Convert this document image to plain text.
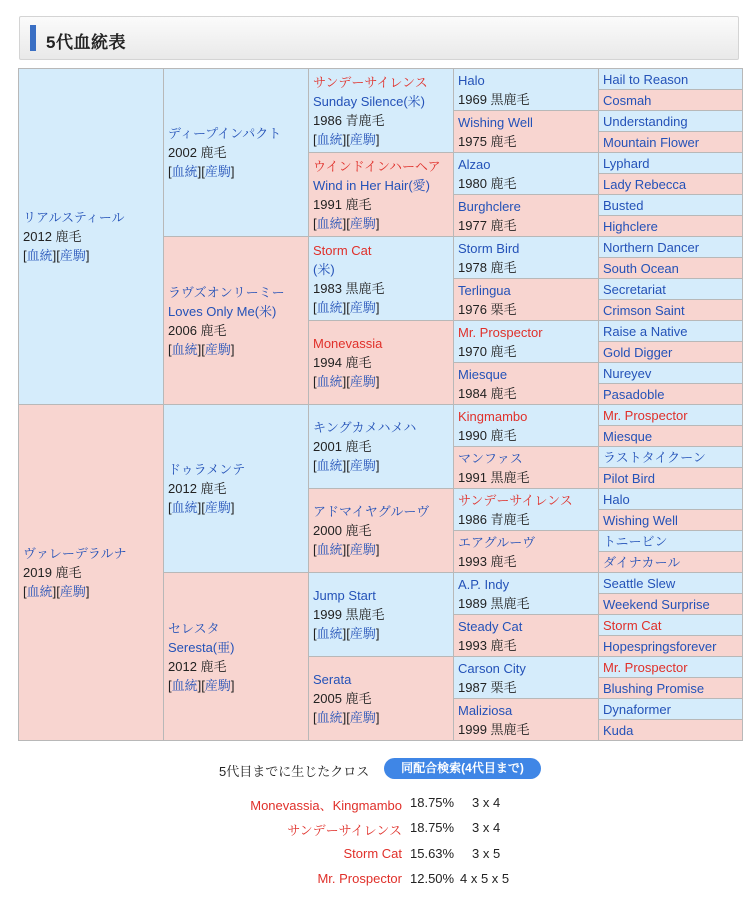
5代血統表
リアルスティール
2012 鹿毛
[血統][産駒]	ディープインパクト
2002 鹿毛
[血統][産駒]	サンデーサイレンス
Sunday Silence(米)
1986 青鹿毛
[血統][産駒]	Halo
1969 黒鹿毛	Hail to Reason
				Cosmah
			Wishing Well
1975 鹿毛	Understanding
				Mountain Flower
		ウインドインハーヘア
Wind in Her Hair(愛)
1991 鹿毛
[血統][産駒]	Alzao
1980 鹿毛	Lyphard
				Lady Rebecca
			Burghclere
1977 鹿毛	Busted
				Highclere
	ラヴズオンリーミー
Loves Only Me(米)
2006 鹿毛
[血統][産駒]	Storm Cat
(米)
1983 黒鹿毛
[血統][産駒]	Storm Bird
1978 鹿毛	Northern Dancer
				South Ocean
			Terlingua
1976 栗毛	Secretariat
				Crimson Saint
		Monevassia
1994 鹿毛
[血統][産駒]	Mr. Prospector
1970 鹿毛	Raise a Native
				Gold Digger
			Miesque
1984 鹿毛	Nureyev
				Pasadoble
ヴァレーデラルナ
2019 鹿毛
[血統][産駒]	ドゥラメンテ
2012 鹿毛
[血統][産駒]	キングカメハメハ
2001 鹿毛
[血統][産駒]	Kingmambo
1990 鹿毛	Mr. Prospector
				Miesque
			マンファス
1991 黒鹿毛	ラストタイクーン
				Pilot Bird
		アドマイヤグルーヴ
2000 鹿毛
[血統][産駒]	サンデーサイレンス
1986 青鹿毛	Halo
				Wishing Well
			エアグルーヴ
1993 鹿毛	トニービン
				ダイナカール
	セレスタ
Seresta(亜)
2012 鹿毛
[血統][産駒]	Jump Start
1999 黒鹿毛
[血統][産駒]	A.P. Indy
1989 黒鹿毛	Seattle Slew
				Weekend Surprise
			Steady Cat
1993 鹿毛	Storm Cat
				Hopespringsforever
		Serata
2005 鹿毛
[血統][産駒]	Carson City
1987 栗毛	Mr. Prospector
				Blushing Promise
			Maliziosa
1999 黒鹿毛	Dynaformer
				Kuda
5代目までに生じたクロス	同配合検索(4代目まで)
Monevassia、Kingmambo 18.75% 3 x 4
サンデーサイレンス 18.75% 3 x 4
Storm Cat 15.63% 3 x 5
Mr. Prospector 12.50% 4 x 5 x 5
